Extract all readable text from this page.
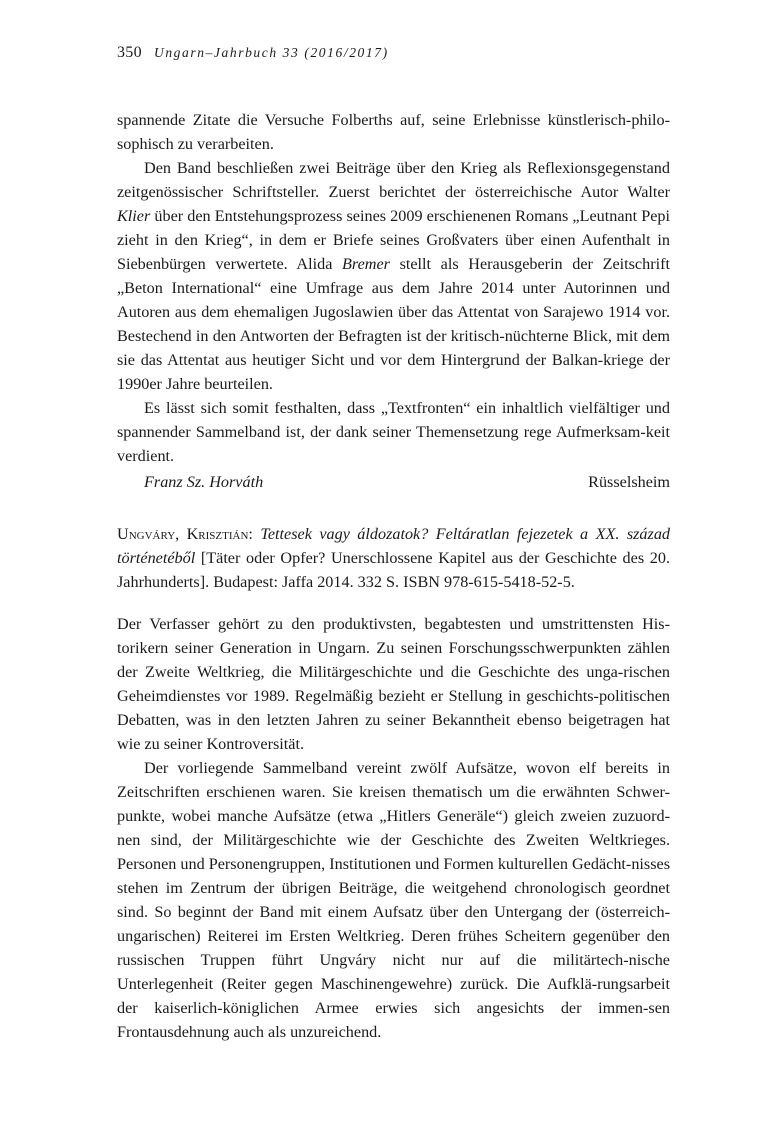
350 Ungarn–Jahrbuch 33 (2016/2017)

spannende Zitate die Versuche Folberths auf, seine Erlebnisse künstlerisch-philo-sophisch zu verarbeiten.

Den Band beschließen zwei Beiträge über den Krieg als Reflexionsgegenstand zeitgenössischer Schriftsteller. Zuerst berichtet der österreichische Autor Walter Klier über den Entstehungsprozess seines 2009 erschienenen Romans „Leutnant Pepi zieht in den Krieg“, in dem er Briefe seines Großvaters über einen Aufenthalt in Siebenbürgen verwertete. Alida Bremer stellt als Herausgeberin der Zeitschrift „Beton International“ eine Umfrage aus dem Jahre 2014 unter Autorinnen und Autoren aus dem ehemaligen Jugoslawien über das Attentat von Sarajewo 1914 vor. Bestechend in den Antworten der Befragten ist der kritisch-nüchterne Blick, mit dem sie das Attentat aus heutiger Sicht und vor dem Hintergrund der Balkan-kriege der 1990er Jahre beurteilen.

Es lässt sich somit festhalten, dass „Textfronten“ ein inhaltlich vielfältiger und spannender Sammelband ist, der dank seiner Themensetzung rege Aufmerksam-keit verdient.

Franz Sz. Horváth	Rüsselsheim

Ungváry, Krisztián: Tettesek vagy áldozatok? Feltáratlan fejezetek a XX. század történetéből [Täter oder Opfer? Unerschlossene Kapitel aus der Geschichte des 20. Jahrhunderts]. Budapest: Jaffa 2014. 332 S. ISBN 978-615-5418-52-5.

Der Verfasser gehört zu den produktivsten, begabtesten und umstrittensten His-torikern seiner Generation in Ungarn. Zu seinen Forschungsschwerpunkten zählen der Zweite Weltkrieg, die Militärgeschichte und die Geschichte des unga-rischen Geheimdienstes vor 1989. Regelmäßig bezieht er Stellung in geschichts-politischen Debatten, was in den letzten Jahren zu seiner Bekanntheit ebenso beigetragen hat wie zu seiner Kontroversität.

Der vorliegende Sammelband vereint zwölf Aufsätze, wovon elf bereits in Zeitschriften erschienen waren. Sie kreisen thematisch um die erwähnten Schwer-punkte, wobei manche Aufsätze (etwa „Hitlers Generäle“) gleich zweien zuzuord-nen sind, der Militärgeschichte wie der Geschichte des Zweiten Weltkrieges. Personen und Personengruppen, Institutionen und Formen kulturellen Gedächt-nisses stehen im Zentrum der übrigen Beiträge, die weitgehend chronologisch geordnet sind. So beginnt der Band mit einem Aufsatz über den Untergang der (österreich-ungarischen) Reiterei im Ersten Weltkrieg. Deren frühes Scheitern gegenüber den russischen Truppen führt Ungváry nicht nur auf die militärtech-nische Unterlegenheit (Reiter gegen Maschinengewehre) zurück. Die Aufklä-rungsarbeit der kaiserlich-königlichen Armee erwies sich angesichts der immen-sen Frontausdehnung auch als unzureichend.
